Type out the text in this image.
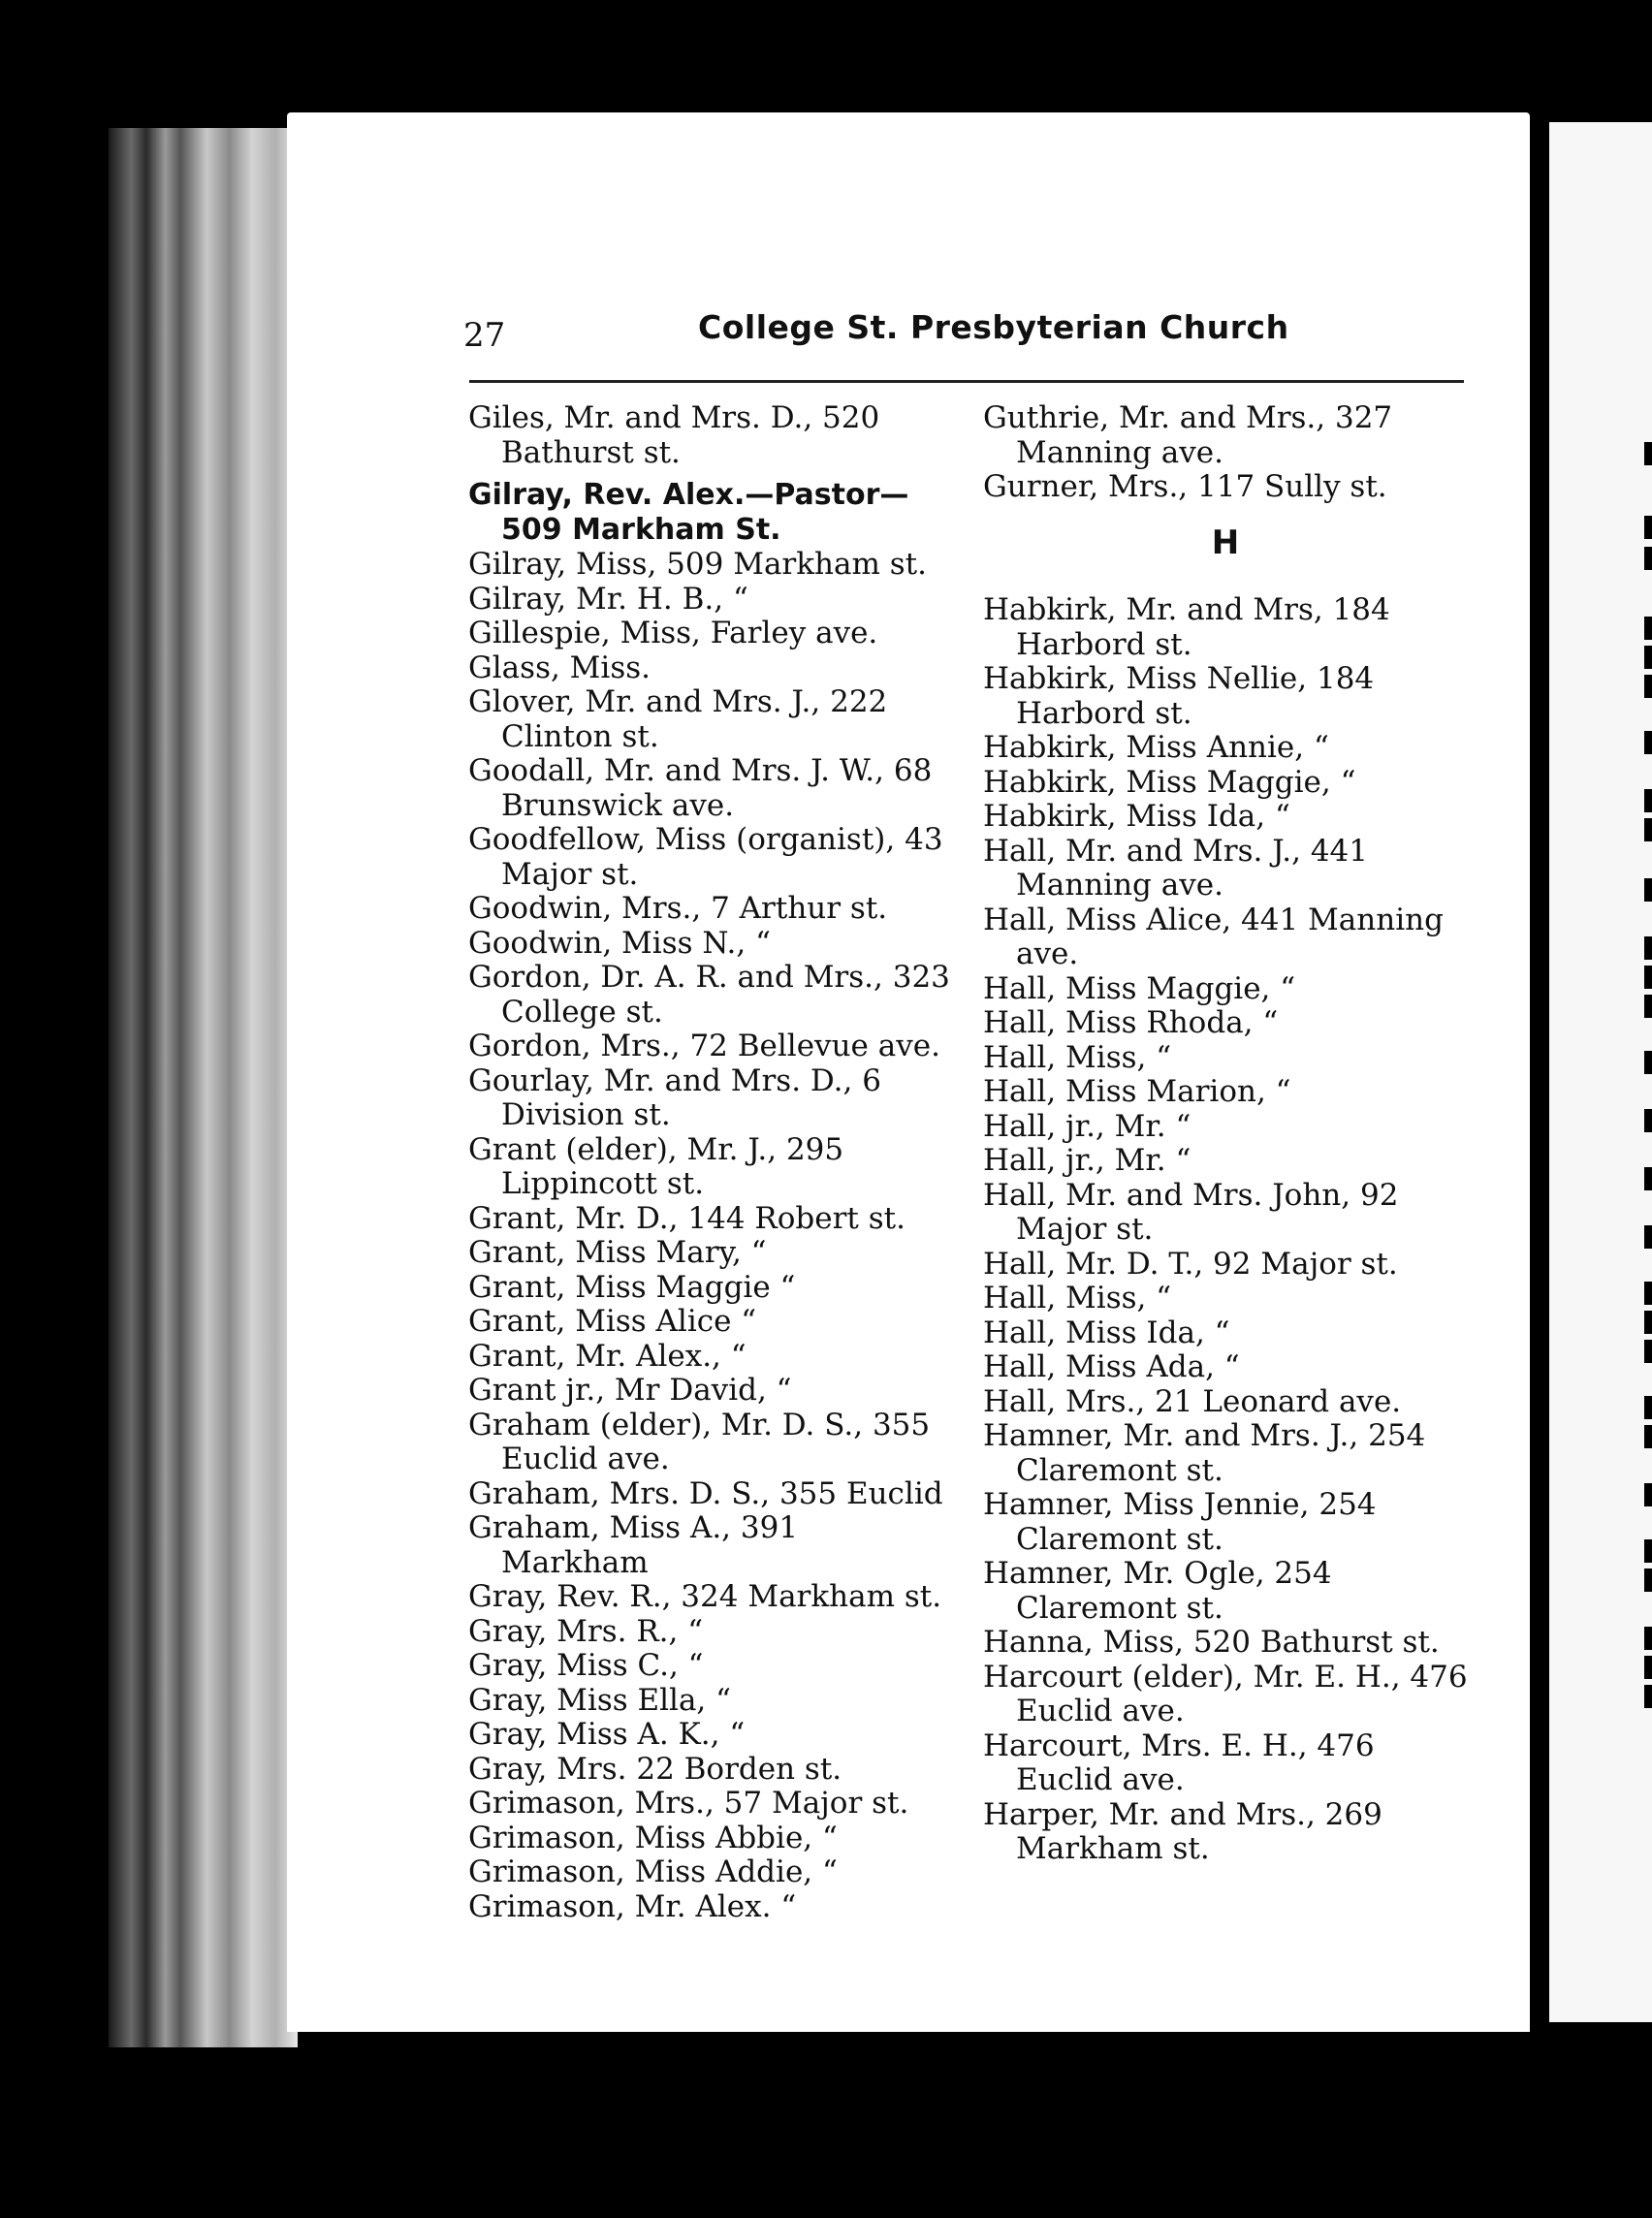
27	College St. Presbyterian Church
Giles, Mr. and Mrs. D., 520 Bathurst st.
Gilray, Rev. Alex.—Pastor— 509 Markham St.
Gilray, Miss, 509 Markham st.
Gilray, Mr. H. B., “
Gillespie, Miss, Farley ave.
Glass, Miss.
Glover, Mr. and Mrs. J., 222 Clinton st.
Goodall, Mr. and Mrs. J. W., 68 Brunswick ave.
Goodfellow, Miss (organist), 43 Major st.
Goodwin, Mrs., 7 Arthur st.
Goodwin, Miss N., “
Gordon, Dr. A. R. and Mrs., 323 College st.
Gordon, Mrs., 72 Bellevue ave.
Gourlay, Mr. and Mrs. D., 6 Division st.
Grant (elder), Mr. J., 295 Lippincott st.
Grant, Mr. D., 144 Robert st.
Grant, Miss Mary, “
Grant, Miss Maggie “
Grant, Miss Alice “
Grant, Mr. Alex., “
Grant jr., Mr David, “
Graham (elder), Mr. D. S., 355 Euclid ave.
Graham, Mrs. D. S., 355 Euclid
Graham, Miss A., 391 Markham
Gray, Rev. R., 324 Markham st.
Gray, Mrs. R., “
Gray, Miss C., “
Gray, Miss Ella, “
Gray, Miss A. K., “
Gray, Mrs. 22 Borden st.
Grimason, Mrs., 57 Major st.
Grimason, Miss Abbie, “
Grimason, Miss Addie, “
Grimason, Mr. Alex. “
Guthrie, Mr. and Mrs., 327 Manning ave.
Gurner, Mrs., 117 Sully st.
H
Habkirk, Mr. and Mrs, 184 Harbord st.
Habkirk, Miss Nellie, 184 Harbord st.
Habkirk, Miss Annie, “
Habkirk, Miss Maggie, “
Habkirk, Miss Ida, “
Hall, Mr. and Mrs. J., 441 Manning ave.
Hall, Miss Alice, 441 Manning ave.
Hall, Miss Maggie, “
Hall, Miss Rhoda, “
Hall, Miss, “
Hall, Miss Marion, “
Hall, jr., Mr. “
Hall, jr., Mr. “
Hall, Mr. and Mrs. John, 92 Major st.
Hall, Mr. D. T., 92 Major st.
Hall, Miss, “
Hall, Miss Ida, “
Hall, Miss Ada, “
Hall, Mrs., 21 Leonard ave.
Hamner, Mr. and Mrs. J., 254 Claremont st.
Hamner, Miss Jennie, 254 Claremont st.
Hamner, Mr. Ogle, 254 Claremont st.
Hanna, Miss, 520 Bathurst st.
Harcourt (elder), Mr. E. H., 476 Euclid ave.
Harcourt, Mrs. E. H., 476 Euclid ave.
Harper, Mr. and Mrs., 269 Markham st.
